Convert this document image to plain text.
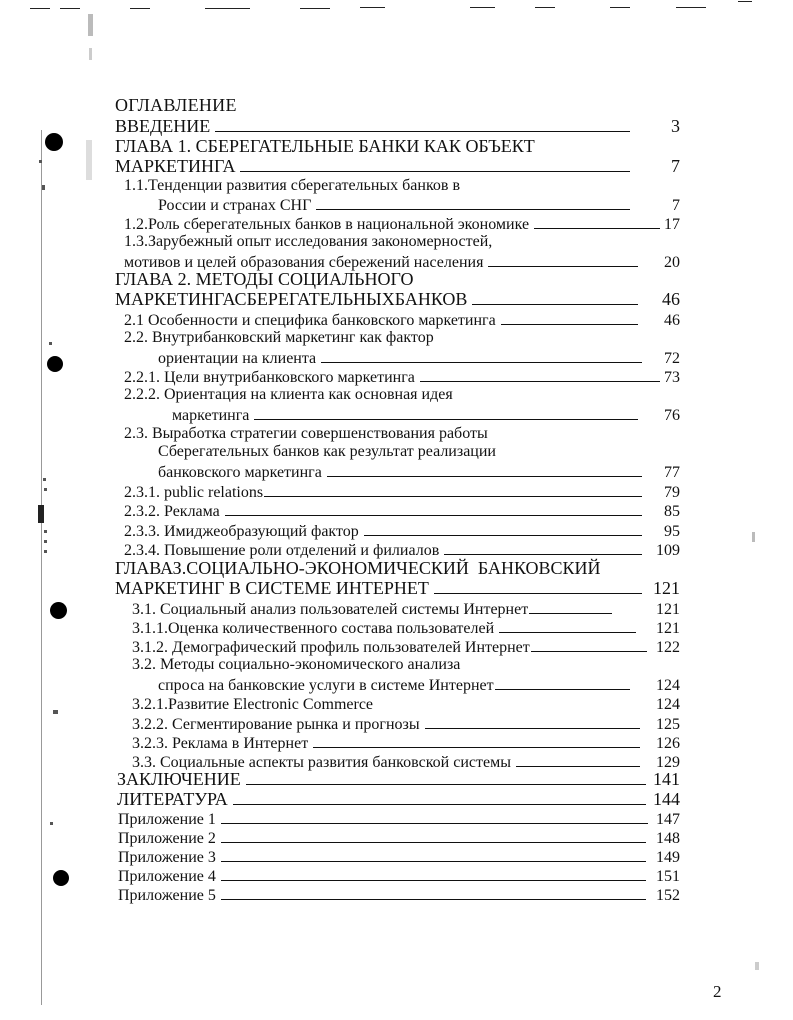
ОГЛАВЛЕНИЕ
ВВЕДЕНИЕ	3
ГЛАВА 1. СБЕРЕГАТЕЛЬНЫЕ БАНКИ КАК ОБЪЕКТ
МАРКЕТИНГА	7
1.1.Тенденции развития сберегательных банков в
России и странах СНГ	7
1.2.Роль сберегательных банков в национальной экономике	17
1.3.Зарубежный опыт исследования закономерностей,
мотивов и целей образования сбережений населения	20
ГЛАВА 2. МЕТОДЫ СОЦИАЛЬНОГО
МАРКЕТИНГАСБЕРЕГАТЕЛЬНЫХБАНКОВ	46
2.1 Особенности и специфика банковского маркетинга	46
2.2. Внутрибанковский маркетинг как фактор
ориентации на клиента	72
2.2.1. Цели внутрибанковского маркетинга	73
2.2.2. Ориентация на клиента как основная идея
маркетинга	76
2.3. Выработка стратегии совершенствования работы
Сберегательных банков как результат реализации
банковского маркетинга	77
2.3.1. public relations	79
2.3.2. Реклама	85
2.3.3. Имиджеобразующий фактор	95
2.3.4. Повышение роли отделений и филиалов	109
ГЛАВАЗ.СОЦИАЛЬНО-ЭКОНОМИЧЕСКИЙ  БАНКОВСКИЙ
МАРКЕТИНГ В СИСТЕМЕ ИНТЕРНЕТ	121
3.1. Социальный анализ пользователей системы Интернет	121
3.1.1.Оценка количественного состава пользователей	121
3.1.2. Демографический профиль пользователей Интернет	122
3.2. Методы социально-экономического анализа
спроса на банковские услуги в системе Интернет	124
3.2.1.Развитие Electronic Commerce	124
3.2.2. Сегментирование рынка и прогнозы	125
3.2.3. Реклама в Интернет	126
3.3. Социальные аспекты развития банковской системы	129
ЗАКЛЮЧЕНИЕ	141
ЛИТЕРАТУРА	144
Приложение 1	147
Приложение 2	148
Приложение 3	149
Приложение 4	151
Приложение 5	152
2
